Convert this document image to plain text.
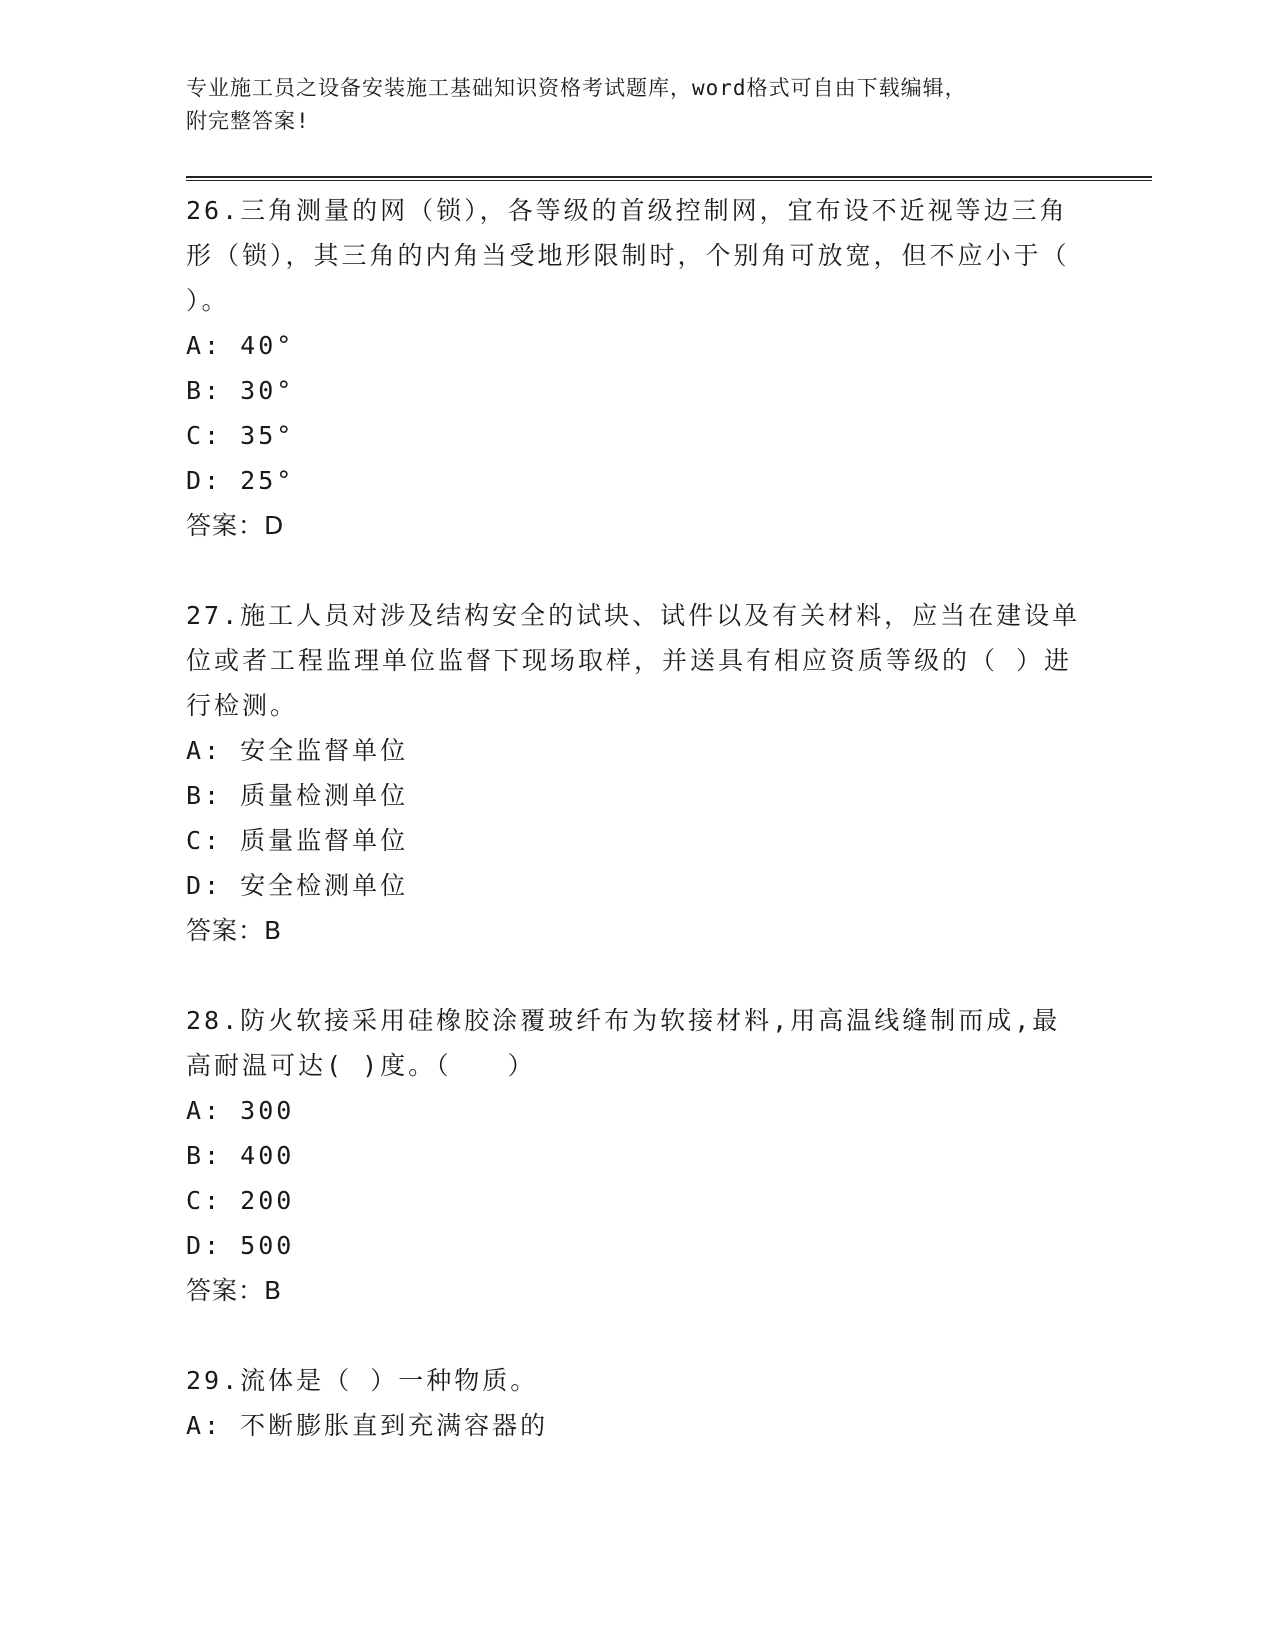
专业施工员之设备安装施工基础知识资格考试题库，word格式可自由下载编辑，
附完整答案!

26.三角测量的网（锁），各等级的首级控制网，宜布设不近视等边三角形（锁），其三角的内角当受地形限制时，个别角可放宽，但不应小于（ ）。

A: 40°

B: 30°

C: 35°

D: 25°

答案：D

27.施工人员对涉及结构安全的试块、试件以及有关材料，应当在建设单位或者工程监理单位监督下现场取样，并送具有相应资质等级的（ ）进行检测。

A: 安全监督单位

B: 质量检测单位

C: 质量监督单位

D: 安全检测单位

答案：B

28.防火软接采用硅橡胶涂覆玻纤布为软接材料,用高温线缝制而成,最高耐温可达( )度。（　　）

A: 300

B: 400

C: 200

D: 500

答案：B

29.流体是（ ）一种物质。

A: 不断膨胀直到充满容器的
